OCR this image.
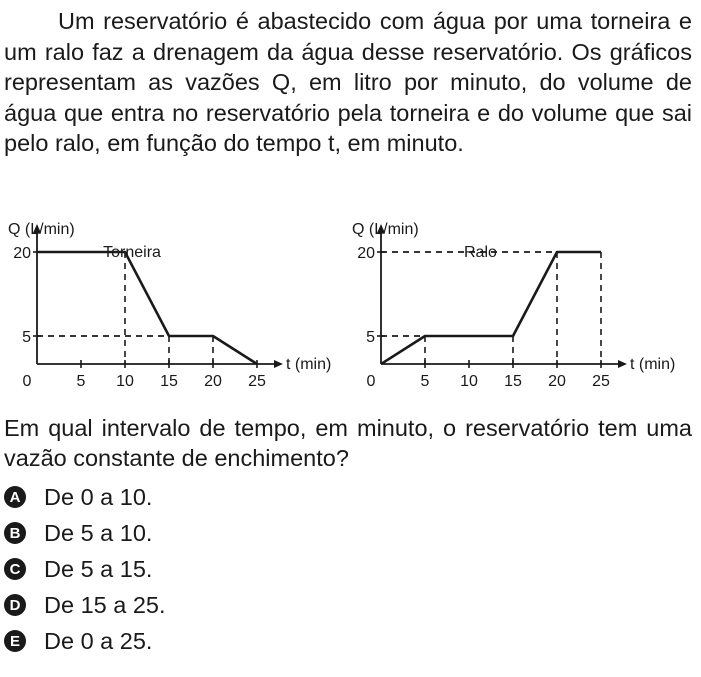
Um reservatório é abastecido com água por uma torneira e um ralo faz a drenagem da água desse reservatório. Os gráficos representam as vazões Q, em litro por minuto, do volume de água que entra no reservatório pela torneira e do volume que sai pelo ralo, em função do tempo t, em minuto.
0	5 10 15 20 25
5
20
Q (L/min)
t (min)
Torneira
0	5 10 15 20 25
5
20
Q (L/min)
t (min)
Ralo
Em qual intervalo de tempo, em minuto, o reservatório tem uma vazão constante de enchimento?
A De 0 a 10.
B De 5 a 10.
C De 5 a 15.
D De 15 a 25.
E De 0 a 25.
